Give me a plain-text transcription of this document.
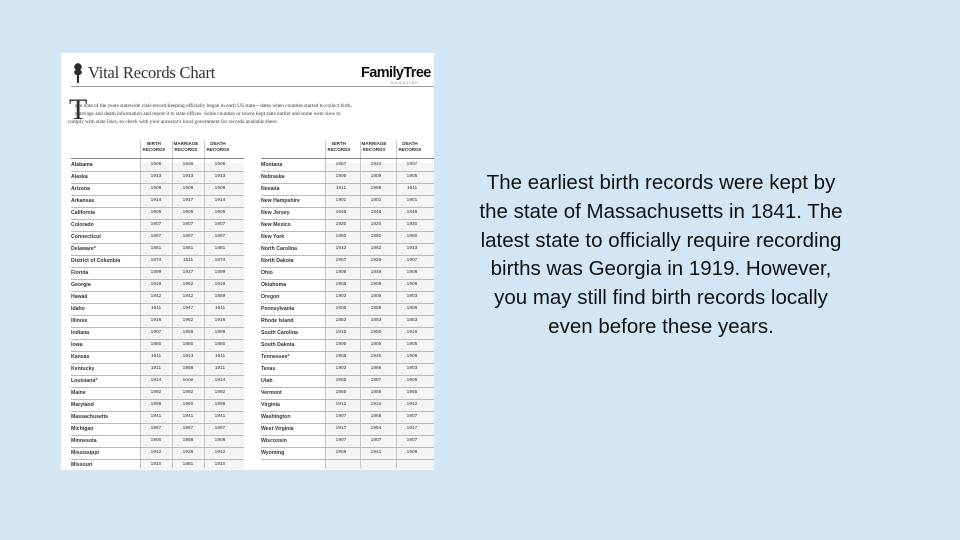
Vital Records Chart	FamilyTree
MAGAZINE
T
ake note of the years statewide vital-record-keeping officially began in each US state—dates when counties started to collect birth,
marriage and death information and report it to state offices. Some counties or towns kept stats earlier and some were slow to
comply with state laws, so check with your ancestor's local government for records available there.
BIRTH RECORDS
MARRIAGE RECORDS
DEATH RECORDS
Alabama	1908	1936	1908
Alaska	1913	1913	1913
Arizona	1909	1909	1909
Arkansas	1914	1917	1914
California	1905	1905	1905
Colorado	1907	1907	1907
Connecticut	1897	1897	1897
Delaware*	1861	1861	1881
District of Columbia	1874	1811	1874
Florida	1899	1927	1899
Georgia	1919	1952	1919
Hawaii	1842	1842	1859
Idaho	1911	1947	1911
Illinois	1916	1962	1916
Indiana	1907	1958	1899
Iowa	1880	1880	1880
Kansas	1911	1913	1911
Kentucky	1911	1958	1911
Louisiana*	1914	none	1914
Maine	1892	1892	1892
Maryland	1898	1950	1898
Massachusetts	1841	1841	1841
Michigan	1867	1867	1897
Minnesota	1900	1958	1908
Mississippi	1912	1926	1912
Missouri	1910	1881	1910
BIRTH RECORDS
MARRIAGE RECORDS
DEATH RECORDS
Montana	1907	1943	1907
Nebraska	1905	1909	1905
Nevada	1911	1968	1911
New Hampshire	1901	1901	1901
New Jersey	1848	1848	1848
New Mexico	1920	1920	1920
New York	1880	1880	1880
North Carolina	1913	1962	1913
North Dakota	1907	1925	1907
Ohio	1908	1949	1908
Oklahoma	1908	1908	1908
Oregon	1903	1906	1903
Pennsylvania	1906	1885	1906
Rhode Island	1853	1853	1853
South Carolina	1915	1950	1915
South Dakota	1905	1905	1905
Tennessee*	1908	1945	1908
Texas	1903	1966	1903
Utah	1905	1887	1905
Vermont	1955	1955	1955
Virginia	1912	1912	1912
Washington	1907	1968	1907
West Virginia	1917	1964	1917
Wisconsin	1907	1907	1907
Wyoming	1909	1941	1909
The earliest birth records were kept by the state of Massachusetts in 1841. The latest state to officially require recording births was Georgia in 1919. However, you may still find birth records locally even before these years.
